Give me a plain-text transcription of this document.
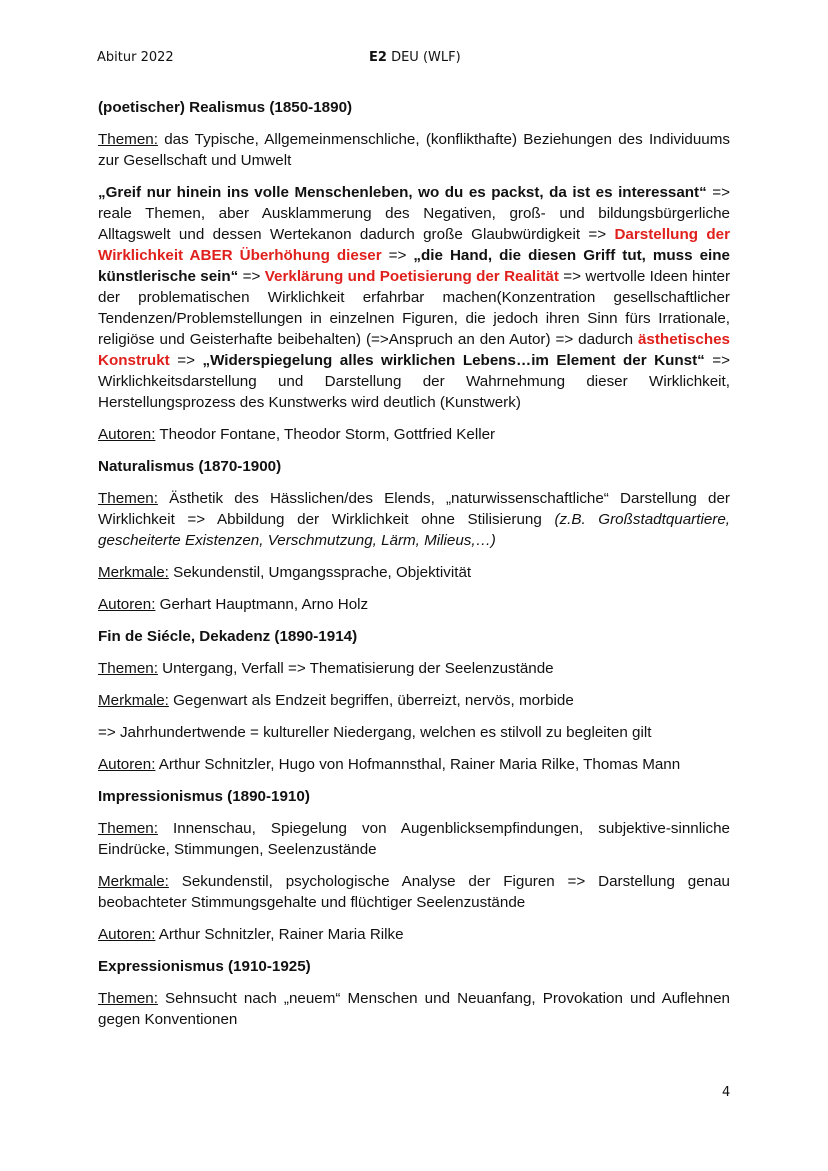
Abitur 2022	E2 DEU (WLF)
(poetischer) Realismus (1850-1890)

Themen: das Typische, Allgemeinmenschliche, (konflikthafte) Beziehungen des Individuums zur Gesellschaft und Umwelt

„Greif nur hinein ins volle Menschenleben, wo du es packst, da ist es interessant“ => reale Themen, aber Ausklammerung des Negativen, groß- und bildungsbürgerliche Alltagswelt und dessen Wertekanon dadurch große Glaubwürdigkeit => Darstellung der Wirklichkeit ABER Überhöhung dieser => „die Hand, die diesen Griff tut, muss eine künstlerische sein“ => Verklärung und Poetisierung der Realität => wertvolle Ideen hinter der problematischen Wirklichkeit erfahrbar machen(Konzentration gesellschaftlicher Tendenzen/Problemstellungen in einzelnen Figuren, die jedoch ihren Sinn fürs Irrationale, religiöse und Geisterhafte beibehalten) (=>Anspruch an den Autor) => dadurch ästhetisches Konstrukt => „Widerspiegelung alles wirklichen Lebens…im Element der Kunst“ => Wirklichkeitsdarstellung und Darstellung der Wahrnehmung dieser Wirklichkeit, Herstellungsprozess des Kunstwerks wird deutlich (Kunstwerk)

Autoren: Theodor Fontane, Theodor Storm, Gottfried Keller

Naturalismus (1870-1900)

Themen: Ästhetik des Hässlichen/des Elends, „naturwissenschaftliche“ Darstellung der Wirklichkeit => Abbildung der Wirklichkeit ohne Stilisierung (z.B. Großstadtquartiere, gescheiterte Existenzen, Verschmutzung, Lärm, Milieus,…)

Merkmale: Sekundenstil, Umgangssprache, Objektivität

Autoren: Gerhart Hauptmann, Arno Holz

Fin de Siécle, Dekadenz (1890-1914)

Themen: Untergang, Verfall => Thematisierung der Seelenzustände

Merkmale: Gegenwart als Endzeit begriffen, überreizt, nervös, morbide

=> Jahrhundertwende = kultureller Niedergang, welchen es stilvoll zu begleiten gilt

Autoren: Arthur Schnitzler, Hugo von Hofmannsthal, Rainer Maria Rilke, Thomas Mann

Impressionismus (1890-1910)

Themen: Innenschau, Spiegelung von Augenblicksempfindungen, subjektive-sinnliche Eindrücke, Stimmungen, Seelenzustände

Merkmale: Sekundenstil, psychologische Analyse der Figuren => Darstellung genau beobachteter Stimmungsgehalte und flüchtiger Seelenzustände

Autoren: Arthur Schnitzler, Rainer Maria Rilke

Expressionismus (1910-1925)

Themen: Sehnsucht nach „neuem“ Menschen und Neuanfang, Provokation und Auflehnen gegen Konventionen

4
